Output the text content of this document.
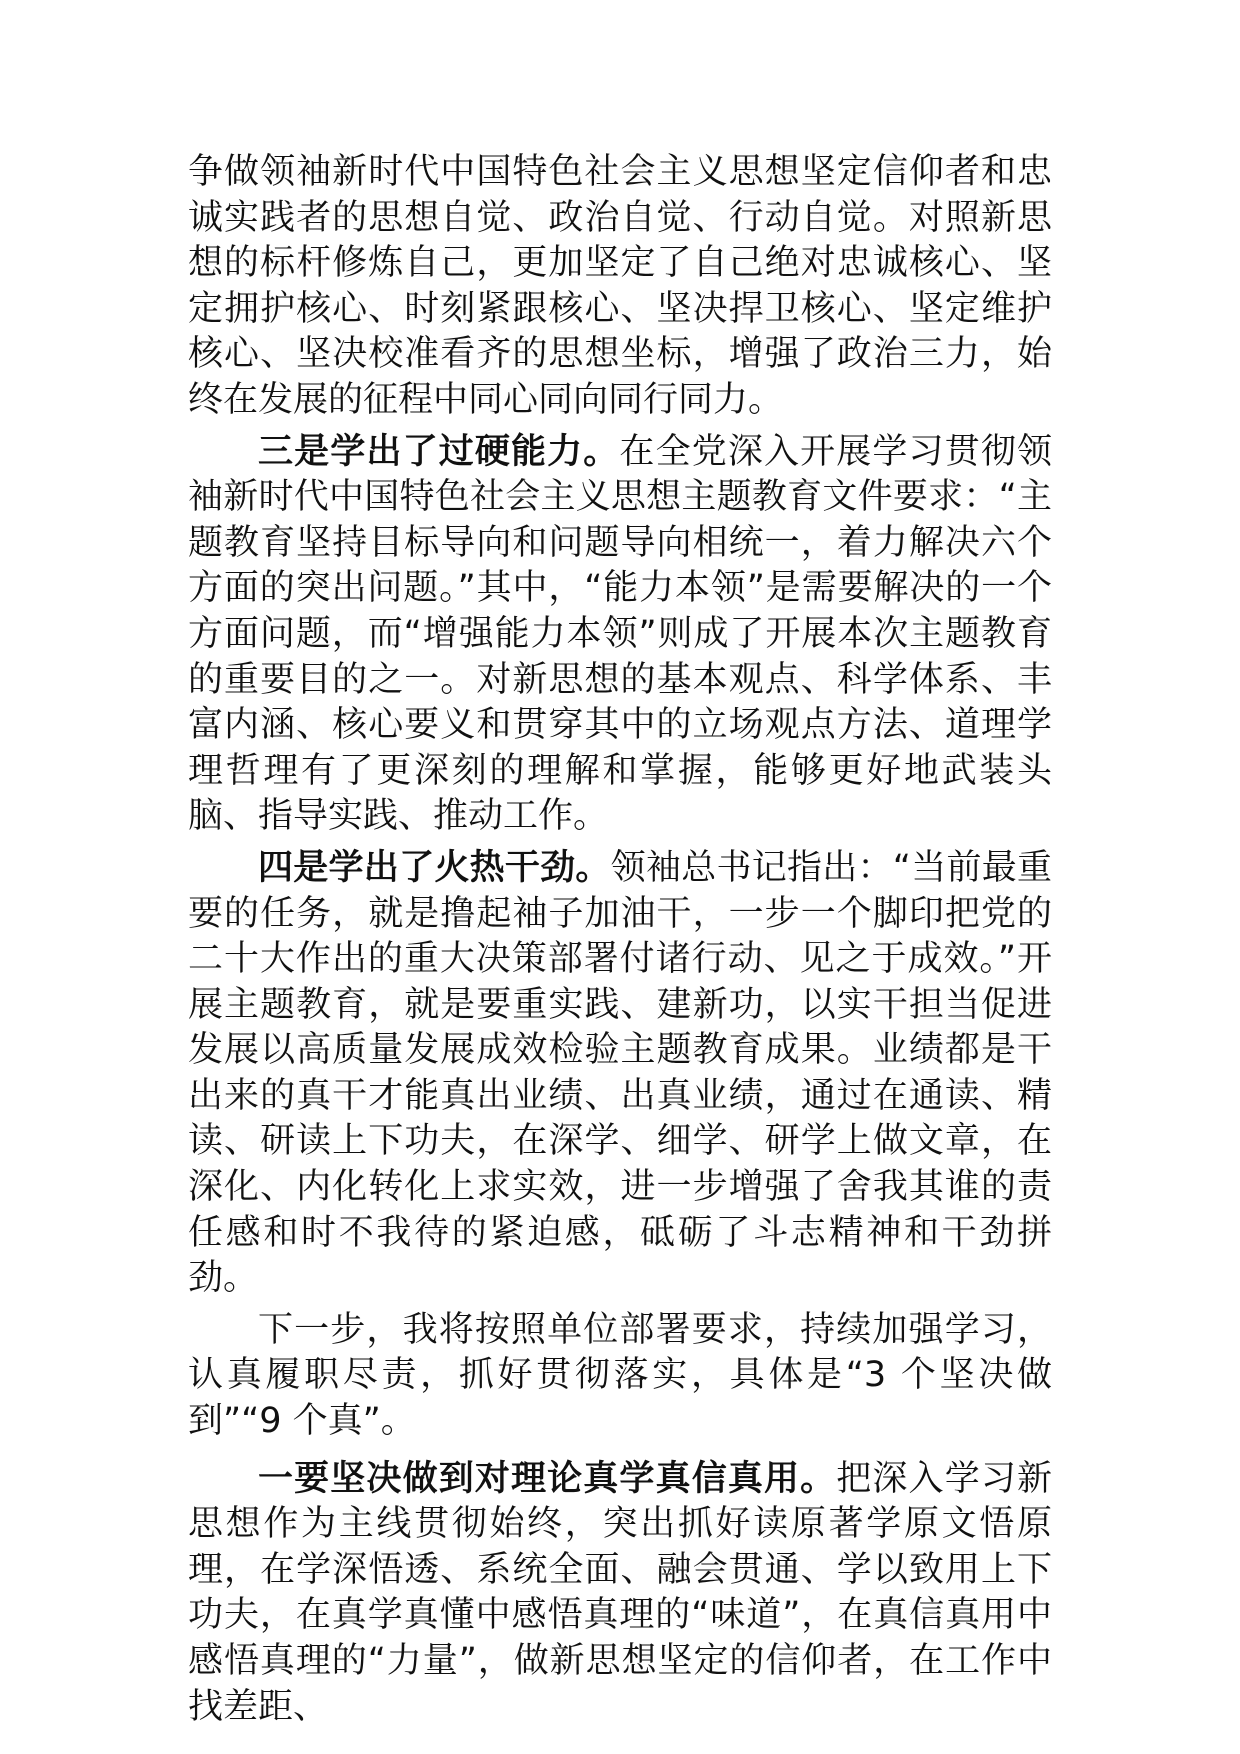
争做领袖新时代中国特色社会主义思想坚定信仰者和忠诚实践者的思想自觉、政治自觉、行动自觉。对照新思想的标杆修炼自己，更加坚定了自己绝对忠诚核心、坚定拥护核心、时刻紧跟核心、坚决捍卫核心、坚定维护核心、坚决校准看齐的思想坐标，增强了政治三力，始终在发展的征程中同心同向同行同力。

三是学出了过硬能力。在全党深入开展学习贯彻领袖新时代中国特色社会主义思想主题教育文件要求：“主题教育坚持目标导向和问题导向相统一，着力解决六个方面的突出问题。”其中，“能力本领”是需要解决的一个方面问题，而“增强能力本领”则成了开展本次主题教育的重要目的之一。对新思想的基本观点、科学体系、丰富内涵、核心要义和贯穿其中的立场观点方法、道理学理哲理有了更深刻的理解和掌握，能够更好地武装头脑、指导实践、推动工作。

四是学出了火热干劲。领袖总书记指出：“当前最重要的任务，就是撸起袖子加油干，一步一个脚印把党的二十大作出的重大决策部署付诸行动、见之于成效。”开展主题教育，就是要重实践、建新功，以实干担当促进发展以高质量发展成效检验主题教育成果。业绩都是干出来的真干才能真出业绩、出真业绩，通过在通读、精读、研读上下功夫，在深学、细学、研学上做文章，在深化、内化转化上求实效，进一步增强了舍我其谁的责任感和时不我待的紧迫感，砥砺了斗志精神和干劲拼劲。

下一步，我将按照单位部署要求，持续加强学习，认真履职尽责，抓好贯彻落实，具体是“3 个坚决做到”“9 个真”。

一要坚决做到对理论真学真信真用。把深入学习新思想作为主线贯彻始终，突出抓好读原著学原文悟原理，在学深悟透、系统全面、融会贯通、学以致用上下功夫，在真学真懂中感悟真理的“味道”，在真信真用中感悟真理的“力量”，做新思想坚定的信仰者，在工作中找差距、
